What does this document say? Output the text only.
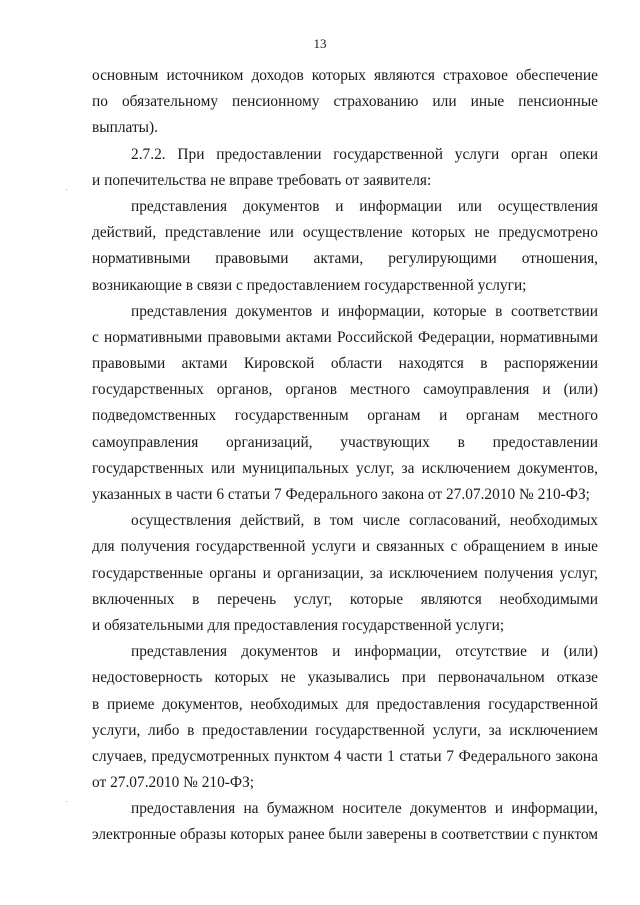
13
основным источником доходов которых являются страховое обеспечение
по обязательному пенсионному страхованию или иные пенсионные
выплаты).
2.7.2. При предоставлении государственной услуги орган опеки
и попечительства не вправе требовать от заявителя:
представления документов и информации или осуществления
действий, представление или осуществление которых не предусмотрено
нормативными правовыми актами, регулирующими отношения,
возникающие в связи с предоставлением государственной услуги;
представления документов и информации, которые в соответствии
с нормативными правовыми актами Российской Федерации, нормативными
правовыми актами Кировской области находятся в распоряжении
государственных органов, органов местного самоуправления и (или)
подведомственных государственным органам и органам местного
самоуправления организаций, участвующих в предоставлении
государственных или муниципальных услуг, за исключением документов,
указанных в части 6 статьи 7 Федерального закона от 27.07.2010 № 210-ФЗ;
осуществления действий, в том числе согласований, необходимых
для получения государственной услуги и связанных с обращением в иные
государственные органы и организации, за исключением получения услуг,
включенных в перечень услуг, которые являются необходимыми
и обязательными для предоставления государственной услуги;
представления документов и информации, отсутствие и (или)
недостоверность которых не указывались при первоначальном отказе
в приеме документов, необходимых для предоставления государственной
услуги, либо в предоставлении государственной услуги, за исключением
случаев, предусмотренных пунктом 4 части 1 статьи 7 Федерального закона
от 27.07.2010 № 210-ФЗ;
предоставления на бумажном носителе документов и информации,
электронные образы которых ранее были заверены в соответствии с пунктом
